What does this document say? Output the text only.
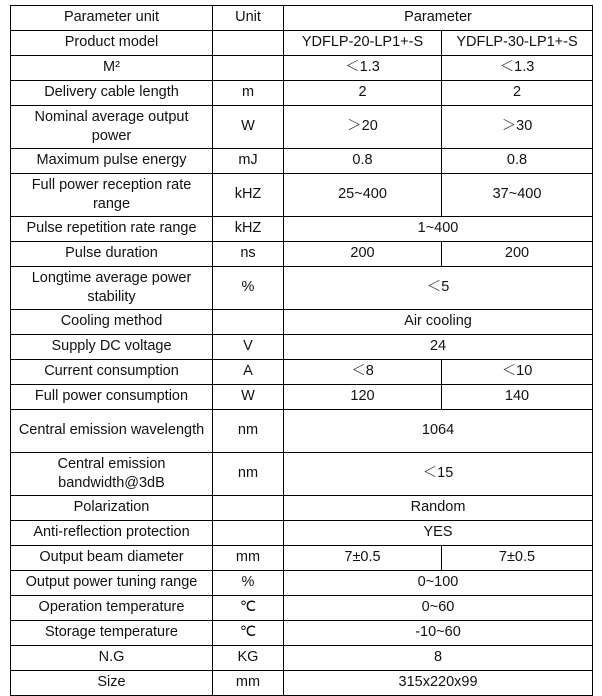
Parameter unit	Unit	Parameter	
Product model		YDFLP-20-LP1+-S	YDFLP-30-LP1+-S
M²		＜1.3	＜1.3
Delivery cable length	m	2	2
Nominal average output power	W	＞20	＞30
Maximum pulse energy	mJ	0.8	0.8
Full power reception rate range	kHZ	25~400	37~400
Pulse repetition rate range	kHZ	1~400	
Pulse duration	ns	200	200
Longtime average power stability	%	＜5	
Cooling method		Air cooling	
Supply DC voltage	V	24	
Current consumption	A	＜8	＜10
Full power consumption	W	120	140
Central emission wavelength	nm	1064	
Central emission bandwidth@3dB	nm	＜15	
Polarization		Random	
Anti-reflection protection		YES	
Output beam diameter	mm	7±0.5	7±0.5
Output power tuning range	%	0~100	
Operation temperature	℃	0~60	
Storage temperature	℃	-10~60	
N.G	KG	8	
Size	mm	315x220x99	
